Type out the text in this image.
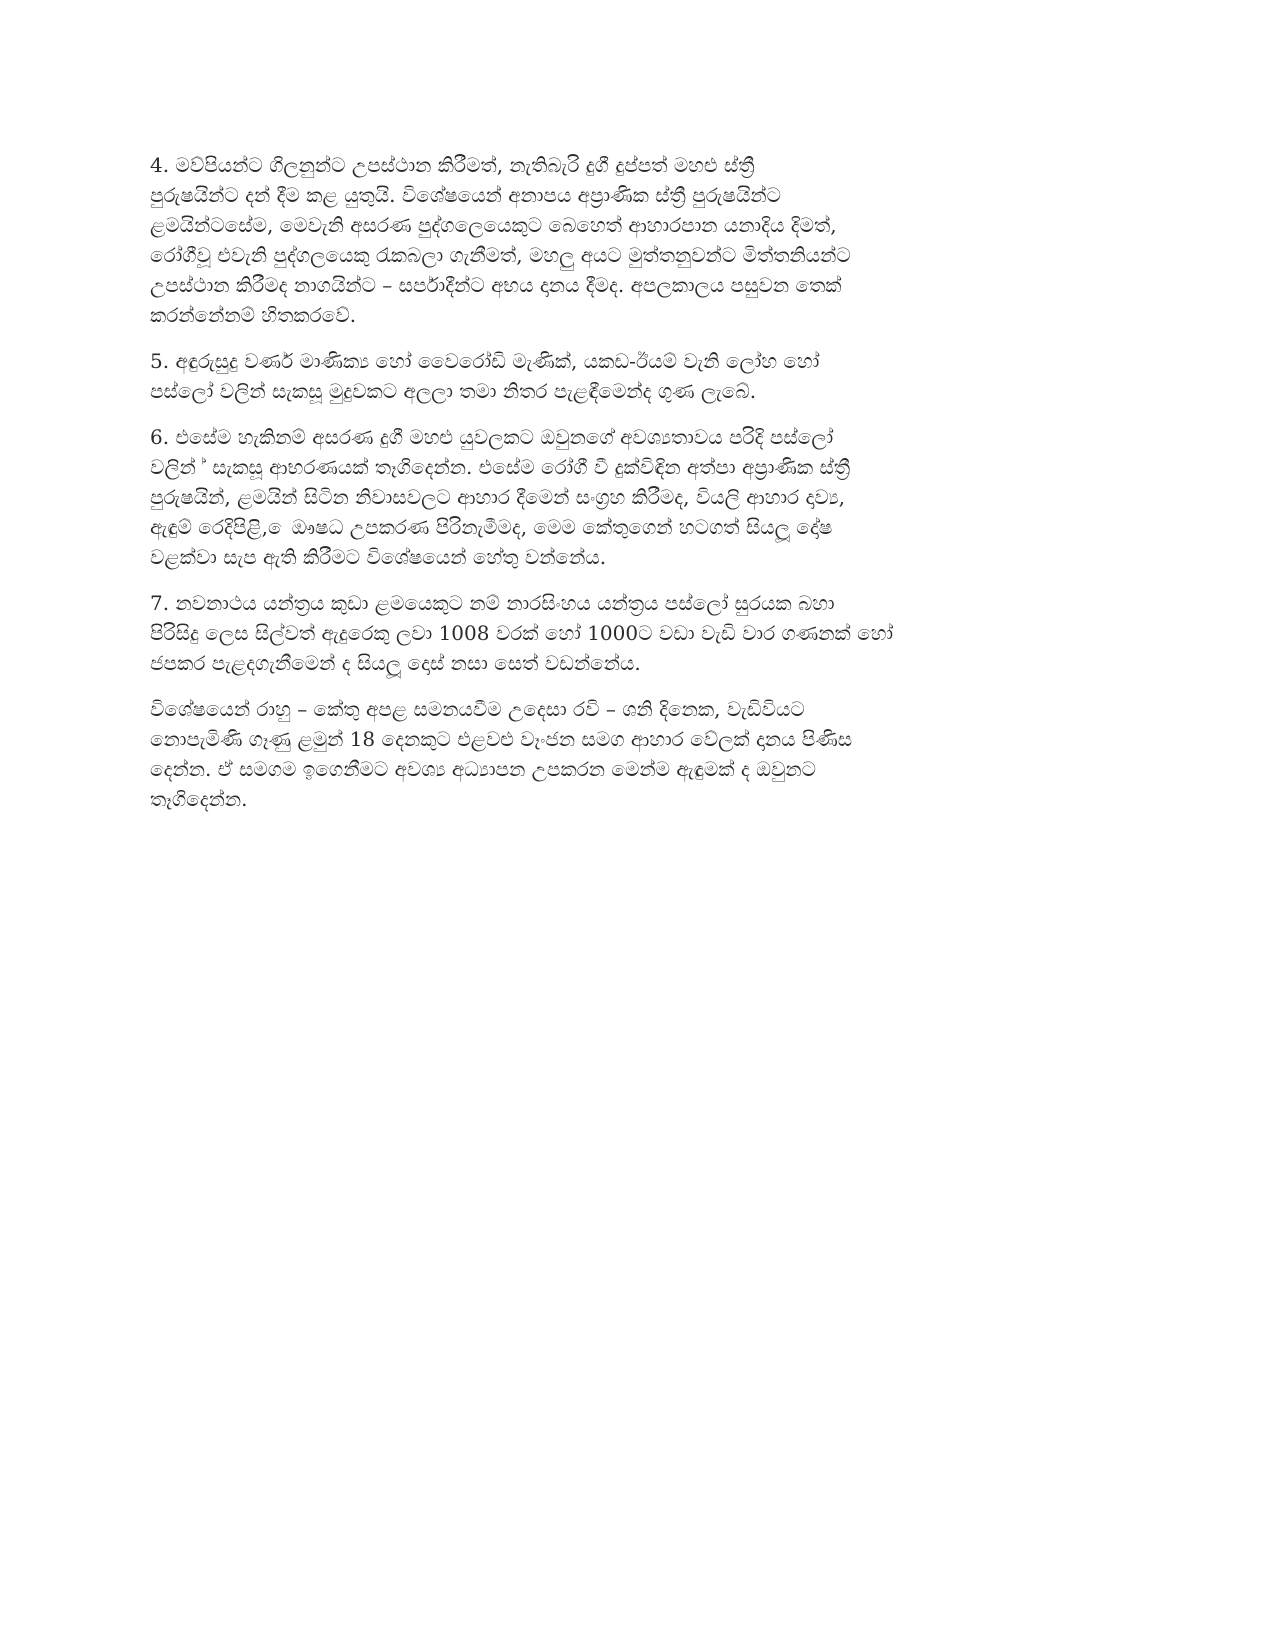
4. මව්පියන්ට ගිලනුන්ට උපස්ථාන කිරීමත්, නැතිබැරි දුගී දුප්පත් මහළු ස්ත්‍රී
පුරුෂයින්ට දන් දීම කළ යුතුයි. විශේෂයෙන් අනාපය අප්‍රාණික ස්ත්‍රී පුරුෂයින්ට
ළමයින්ටසේම, මෙවැනි අසරණ පුද්ගලෙයෙකුට බෙහෙත් ආහාරපාන යනාදිය දිමත්,
රෝගීවූ එවැනි පුද්ගලයෙකු රැකබලා ගැනීමත්, මහලු අයට මුත්තනුවන්ට මිත්තනියන්ට
උපස්ථාන කිරීමද නාගයින්ට – සර්පාදීන්ට අභය දානය දීමද. අපලකාලය පසුවන තෙක්
කරන්නේනම් හිතකරවේ.

5. අඳුරුසුදු වර්ණ මාණික්‍ය හෝ වෛරෝඩි මැණික්, යකඩ-ඊයම් වැනි ලෝහ හෝ
පස්ලෝ වලින් සැකසූ මුදුවකට අලලා තමා නිතර පැළඳීමෙන්ද ගුණ ලැබේ.

6. එසේම හැකිනම් අසරණ දුගී මහළු යුවලකට ඔවුනගේ අවශ්‍යතාවය පරිදි පස්ලෝ
වලින් ් සැකසූ ආභරණයක් තෑගිදෙන්න. එසේම රෝගී වී දුක්විඳින අත්පා අප්‍රාණික ස්ත්‍රී
පුරුෂයින්, ළමයින් සිටින නිවාසවලට ආහාර දීමෙන් සංග්‍රහ කිරීමද, වියලි ආහාර දාව්‍ය,
ඇඳුම් රෙදිපිළි, ෙඖෂධ උපකරණ පිරිනැමීමද, මෙම කේතුගෙන් හටගත් සියලූ දෝෂ
වළක්වා සැප ඇති කිරීමට විශේෂයෙන් හේතු වන්නේය.

7. නවනාථය යන්ත්‍රය කුඩා ළමයෙකුට නම් නාරසිංහය යන්ත්‍රය පස්ලෝ සුරයක බහා
පිරිසිදු ලෙස සිල්වත් ඇදුරෙකු ලවා 1008 වරක් හෝ 1000ට වඩා වැඩි වාර ගණනක් හෝ
ජපකර පැළදගැනීමෙන් ද සියලූ දොස් නසා සෙත් වඩන්නේය.

විශේෂයෙන් රාහු – කේතු අපළ සමනයවීම උදෙසා රවි – ශනි දිනෙක, වැඩිවියට
නොපැමිණි ගෑණු ළමුන් 18 දෙනකුට එළවළු වෑංජන සමග ආහාර වේලක් දානය පිණිස
දෙන්න. ඒ සමගම ඉගෙනීමට අවශ්‍ය අධ්‍යාපන උපකරන මෙන්ම ඇඳුමක් ද ඔවුනට
තෑගිදෙන්න.
